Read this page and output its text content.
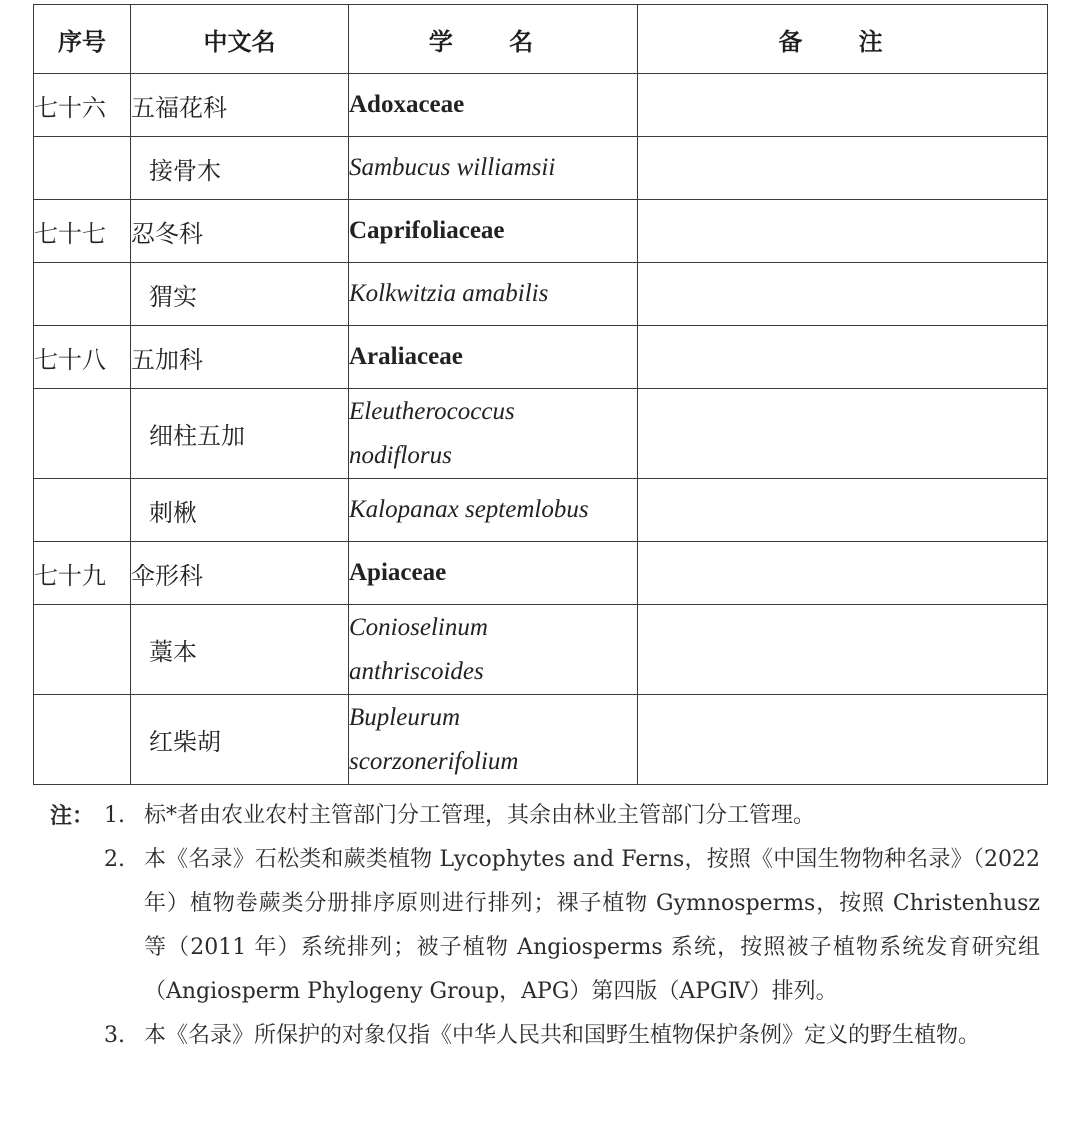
序号	中文名	学 名	备 注
七十六	五福花科	Adoxaceae	
	接骨木	Sambucus williamsii	
七十七	忍冬科	Caprifoliaceae	
	猬实	Kolkwitzia amabilis	
七十八	五加科	Araliaceae	
	细柱五加	Eleutherococcus
nodiflorus	

	刺楸	Kalopanax septemlobus	
七十九	伞形科	Apiaceae	
	藁本	Conioselinum
anthriscoides	

	红柴胡	Bupleurum
scorzonerifolium	

注： 1. 标*者由农业农村主管部门分工管理，其余由林业主管部门分工管理。
2. 本《名录》石松类和蕨类植物 Lycophytes and Ferns，按照《中国生物物种名录》（2022 年）植物卷蕨类分册排序原则进行排列；裸子植物 Gymnosperms，按照 Christenhusz 等（2011 年）系统排列；被子植物 Angiosperms 系统，按照被子植物系统发育研究组（Angiosperm Phylogeny Group，APG）第四版（APGⅣ）排列。
3. 本《名录》所保护的对象仅指《中华人民共和国野生植物保护条例》定义的野生植物。
